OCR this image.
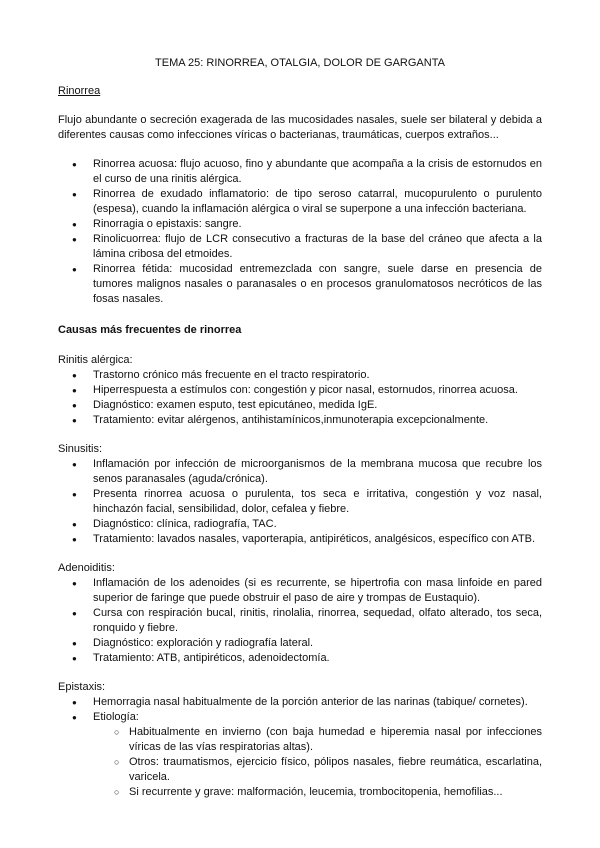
TEMA 25: RINORREA, OTALGIA, DOLOR DE GARGANTA
Rinorrea
Flujo abundante o secreción exagerada de las mucosidades nasales, suele ser bilateral y debida a diferentes causas como infecciones víricas o bacterianas, traumáticas, cuerpos extraños...
● Rinorrea acuosa: flujo acuoso, fino y abundante que acompaña a la crisis de estornudos en el curso de una rinitis alérgica.
● Rinorrea de exudado inflamatorio: de tipo seroso catarral, mucopurulento o purulento (espesa), cuando la inflamación alérgica o viral se superpone a una infección bacteriana.
● Rinorragia o epistaxis: sangre.
● Rinolicuorrea: flujo de LCR consecutivo a fracturas de la base del cráneo que afecta a la lámina cribosa del etmoides.
● Rinorrea fétida: mucosidad entremezclada con sangre, suele darse en presencia de tumores malignos nasales o paranasales o en procesos granulomatosos necróticos de las fosas nasales.
Causas más frecuentes de rinorrea
Rinitis alérgica:
● Trastorno crónico más frecuente en el tracto respiratorio.
● Hiperrespuesta a estímulos con: congestión y picor nasal, estornudos, rinorrea acuosa.
● Diagnóstico: examen esputo, test epicutáneo, medida IgE.
● Tratamiento: evitar alérgenos, antihistamínicos,inmunoterapia excepcionalmente.
Sinusitis:
● Inflamación por infección de microorganismos de la membrana mucosa que recubre los senos paranasales (aguda/crónica).
● Presenta rinorrea acuosa o purulenta, tos seca e irritativa, congestión y voz nasal, hinchazón facial, sensibilidad, dolor, cefalea y fiebre.
● Diagnóstico: clínica, radiografía, TAC.
● Tratamiento: lavados nasales, vaporterapia, antipiréticos, analgésicos, específico con ATB.
Adenoiditis:
● Inflamación de los adenoides (si es recurrente, se hipertrofia con masa linfoide en pared superior de faringe que puede obstruir el paso de aire y trompas de Eustaquio).
● Cursa con respiración bucal, rinitis, rinolalia, rinorrea, sequedad, olfato alterado, tos seca, ronquido y fiebre.
● Diagnóstico: exploración y radiografía lateral.
● Tratamiento: ATB, antipiréticos, adenoidectomía.
Epistaxis:
● Hemorragia nasal habitualmente de la porción anterior de las narinas (tabique/ cornetes).
● Etiología:
○ Habitualmente en invierno (con baja humedad e hiperemia nasal por infecciones víricas de las vías respiratorias altas).
○ Otros: traumatismos, ejercicio físico, pólipos nasales, fiebre reumática, escarlatina, varicela.
○ Si recurrente y grave: malformación, leucemia, trombocitopenia, hemofilias...
